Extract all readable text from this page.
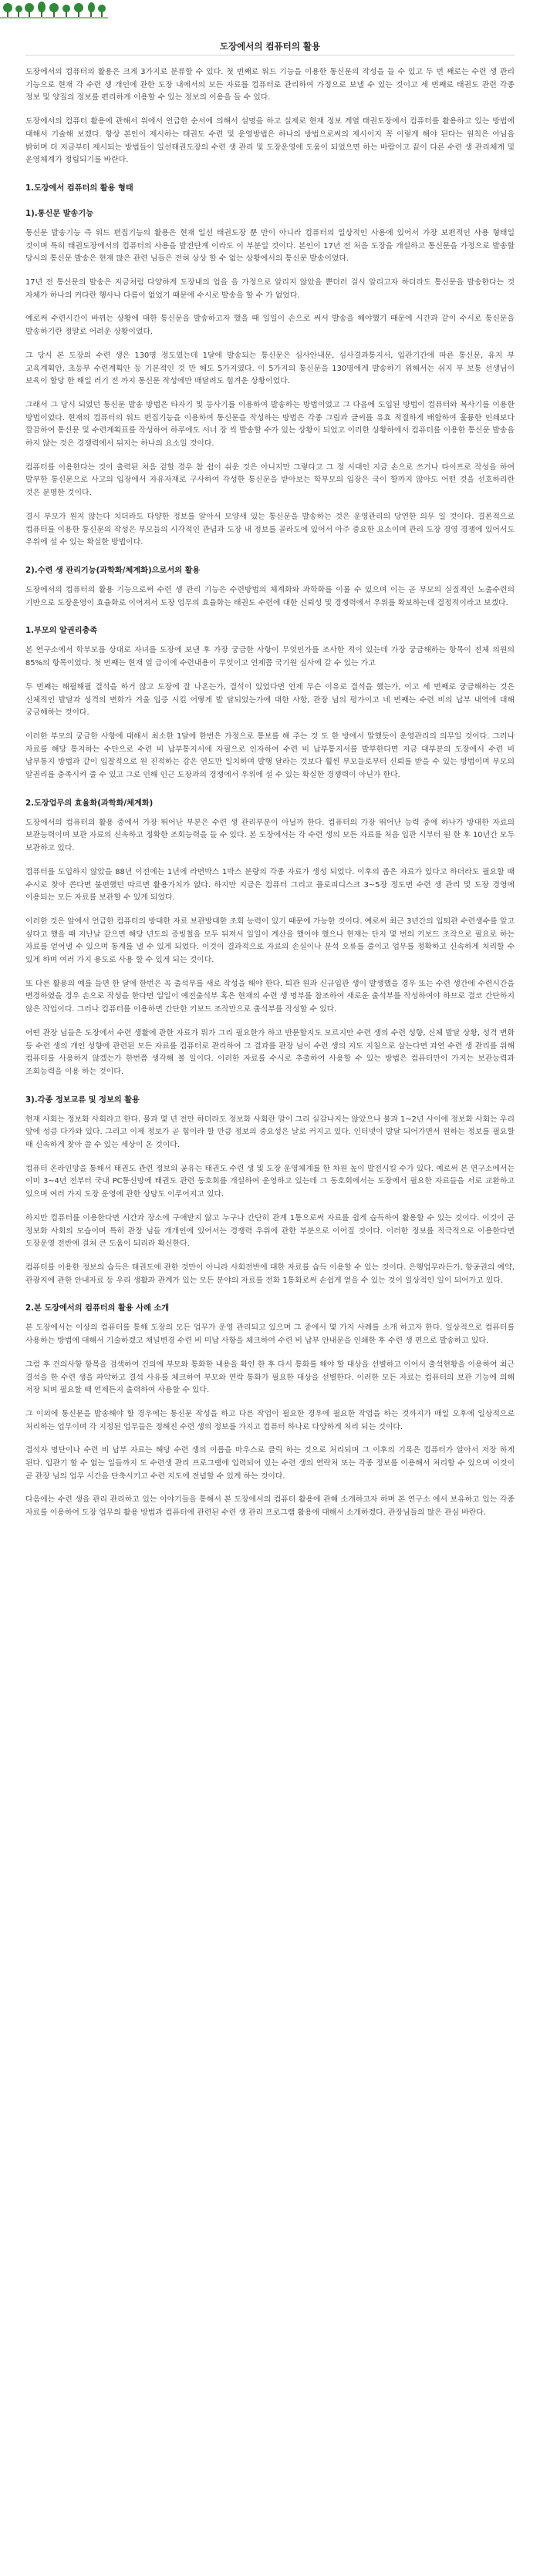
도장에서의 컴퓨터의 활용
도장에서의 컴퓨터의 활용은 크게 3가지로 분류할 수 있다. 첫 번째로 워드 기능을 이용한 통신문의 작성을 들 수 있고 두 번 째로는 수련 생 관리 기능으로 현재 각 수련 생 개인에 관한 도장 내에서의 모든 자료를 컴퓨터로 관리하여 가정으로 보낼 수 있는 것이고 세 번째로 태권도 관련 각종 정보 및 양질의 정보를 편리하게 이용할 수 있는 정보의 이용을 들 수 있다.
도장에서의 컴퓨터 활용에 관해서 위에서 언급한 순서에 의해서 설명을 하고 실제로 현재 정보 게열 태권도장에서 컴퓨터를 활용하고 있는 방법에 대해서 기술해 보겠다. 항상 본인이 제시하는 태권도 수련 및 운영방법은 하나의 방법으로써의 제시이지 꼭 이렇게 해야 된다는 원칙은 아님을 밝히며 더 지금부터 제시되는 방법들이 일선태권도장의 수련 생 관리 및 도장운영에 도움이 되었으면 하는 바람이고 끝이 다른 수련 생 관리체계 및 운영체계가 정립되기를 바란다.
1.도장에서 컴퓨터의 활용 형태
1).통신문 발송기능
통신문 발송기능 즉 워드 편집기능의 활용은 현재 일선 태권도장 뿐 만이 아니라 컴퓨터의 일상적인 사용에 있어서 가장 보편적인 사용 형태일 것이며 특히 태권도장에서의 컴퓨터의 사용을 발전단계 이라도 이 부분일 것이다. 본인이 17년 전 처음 도장을 개설하고 통신문을 가정으로 발송할 당시의 통신문 발송은 현재 많은 관련 님들은 전혀 상상 할 수 없는 상황에서의 통신문 발송이었다.
17년 전 통신문의 발송은 지금처럼 다양하게 도장내의 업을 을 가정으로 알리지 않았을 뿐더러 걸시 알리고자 하더라도 통신문을 발송한다는 것 자체가 하나의 커다란 행사나 다름이 없었기 때문에 수시로 발송을 할 수 가 없었다.
예로써 수련시간이 바뀌는 상황에 대한 통신문을 발송하고자 했을 때 일일이 손으로 써서 발송을 해야했기 때문에 시간과 같이 수시로 통신문을 발송하기란 정말로 어려운 상황이었다.
그 당시 본 도장의 수련 생은 130명 정도였는데 1달에 발송되는 통신문은 심사안내문, 심사결과통지서, 입관기간에 따른 통신문, 유지 부 교육계획안, 초등부 수련계획안 등 기본적인 것 만 해도 5가지였다. 이 5가지의 통신문을 130명에게 발송하기 위해서는 쉬지 부 보통 선생님이 보육이 할당 한 해일 러기 전 까지 통신문 작성에만 매달려도 힘겨운 상황이었다.
그래서 그 당시 되었던 통신문 발송 방법은 타자기 및 등사기를 이용하여 발송하는 방법이었고 그 다음에 도입된 방법이 컴퓨터와 복사기를 이용한 방법이었다. 현재의 컴퓨터의 워드 편집기능을 이용하여 통신문을 작성하는 방법은 각종 그림과 글씨를 유효 적절하게 배합하여 훌륭한 인쇄보다 깔끔하여 통신문 및 수련계획표를 작성하여 하루에도 서너 장 씩 발송할 수가 있는 상황이 되었고 이러한 상황하에서 컴퓨터를 이용한 통신문 발송을 하지 않는 것은 경쟁력에서 뒤지는 하나의 요소일 것이다.
컴퓨터를 이용한다는 것이 출력된 처음 겉할 경우 참 쉽이 쉬운 것은 아니지만 그렇다고 그 정 시대인 지금 손으로 쓰거나 타이프로 작성을 하여 발부한 통신문으로 사고의 입장에서 자유자재로 구사하여 각성한 통신문을 받아보는 학부모의 입장은 국이 할까지 않아도 어떤 것을 선호하리란 것은 분명한 것이다.
결시 부모가 원지 않는다 치더라도 다양한 정보를 알아서 모양새 있는 통신문을 발송하는 것은 운영관리의 당연한 의무 일 것이다. 결론적으로 컴퓨터를 이용한 통신문의 작성은 부모들의 시각적인 관념과 도장 내 정보를 골라도에 있어서 아주 중요한 요소이며 관리 도장 경영 경쟁에 있어서도 우위에 설 수 있는 확실한 방법이다.
2).수련 생 관리기능(과학화/체계화)으로서의 활용
도장에서의 컴퓨터의 활용 기능으로써 수련 생 관리 기능은 수련방법의 체계화와 과학화를 이룰 수 있으며 이는 곧 부모의 실질적인 노출수련의 기반으로 도장운영이 효율화로 이어져서 도장 업무의 효율화는 태권도 수련에 대한 신뢰성 및 경쟁력에서 우위를 확보하는데 결정적이라고 보겠다.
1.부모의 알권리충족
본 연구소에서 학부모를 상대로 자녀를 도장에 보낸 후 가장 궁금한 사항이 무엇인가를 조사한 적이 있는데 가장 궁금해하는 항목이 전체 의원의 85%의 항목이었다. 첫 번째는 현재 얼 급이에 수련내용이 무엇이고 언제쯤 국기원 심사에 갈 수 있는 가고
두 번째는 해필해필 결석을 하거 않고 도장에 잘 나온는가, 결석이 있었다면 언제 무슨 이유로 결석을 했는가, 이고 세 번째로 궁금해하는 것은 신체적인 발달과 성격의 변화가 겨울 입증 시킬 어떻게 발 달되었는가에 대한 사항, 관장 님의 평가이고 네 번째는 수련 비의 납부 내역에 대해 궁금해하는 것이다.
이러한 부모의 궁금한 사항에 대해서 최소한 1달에 한번은 가정으로 통보를 해 주는 것 도 한 방에서 말했듯이 운영관리의 의무일 것이다. 그러나 자료를 해당 통지하는 수단으로 수련 비 납부통지서에 자필으로 인자하여 수련 비 납부통지서를 발부한다면 지금 대부분의 도장에서 수련 비 납부통지 방법과 같이 입찰적으로 원 진적하는 감은 연도만 일치하며 발행 달라는 것보다 훨씬 부모들로부터 신뢰를 받을 수 있는 방법이며 부모의 알권리를 충족시켜 줄 수 있고 그로 인해 인근 도장과의 경쟁에서 우위에 설 수 있는 확실한 경쟁력이 아닌가 한다.
2.도장업무의 효율화(과학화/체계화)
도장에서의 컴퓨터의 활용 중에서 가장 뛰어난 부분은 수련 생 관리부분이 아닐까 한다. 컴퓨터의 가장 뛰어난 능력 중에 하나가 방대한 자료의 보관능력이며 보관 자료의 신속하고 정확한 조회능력을 들 수 있다. 본 도장에서는 각 수련 생의 모든 자료를 처음 입관 시부터 원 한 후 10년간 모두 보관하고 있다.
컴퓨터를 도입하지 않았을 88년 이전에는 1년에 라면박스 1박스 분량의 각종 자료가 생성 되었다. 이후의 좁은 자료가 있다고 하더라도 필요할 때 수시로 찾아 쓴다면 불편했던 따르면 활용가치가 없다. 하지만 지금은 컴퓨터 그리고 플로피디스크 3~5장 정도면 수련 생 관리 및 도장 경영에 이용되는 모든 자료를 보관할 수 있게 되었다.
이러한 것은 앞에서 언급한 컴퓨터의 방대한 자료 보관방대한 조회 능력이 있기 때문에 가능한 것이다. 예로써 최근 3년간의 입퇴관 수련생수를 알고 싶다고 했을 때 지난날 같으면 해당 년도의 증빙철을 모두 뒤져서 일일이 계산을 했어야 했으나 현재는 단지 몇 번의 키보드 조작으로 필요로 하는 자료를 얻어낼 수 있으며 통계를 낼 수 있게 되었다. 이것이 결과적으로 자료의 손실이나 분석 오류를 줄이고 업무를 정확하고 신속하게 처리할 수 있게 하며 여러 가지 용도로 사용 할 수 있게 되는 것이다.
또 다른 활용의 예를 들면 한 달에 한번은 꼭 출석부를 새로 작성을 해야 한다. 퇴관 원과 신규입관 생이 발생했을 경우 또는 수련 생간에 수련시간을 변경하였을 경우 손으로 작성을 한다면 일일이 예전출석부 혹은 현재의 수련 생 명부를 참조하여 새로운 출석부를 작성하여야 하므로 결코 간단하지 않은 작업이다. 그러나 컴퓨터를 이용하면 간단한 키보드 조작만으로 출석부를 작성할 수 있다.
어떤 관장 님들은 도장에서 수련 생활에 관한 자료가 뭐가 그리 필요한가 하고 반문할지도 모르지만 수련 생의 수련 성향, 신체 발달 상황, 성격 변화 등 수련 생의 개인 성향에 관련된 모든 자료를 컴퓨터로 관리하여 그 결과를 관장 님이 수련 생의 지도 지침으로 삼는다면 과연 수련 생 관리를 위해 컴퓨터를 사용하지 않겠는가 한번쯤 생각해 볼 일이다. 이러한 자료를 수시로 추출하여 사용할 수 있는 방법은 컴퓨터만이 가지는 보관능력과 조회능력을 이용 하는 것이다.
3).각종 정보교류 및 정보의 활용
현재 사회는 정보화 사회라고 한다. 물과 몇 년 전만 하더라도 정보화 사회란 말이 그리 실감나지는 않았으나 불과 1~2년 사이에 정보화 사회는 우리 앞에 성큼 다가와 있다. 그리고 이제 정보가 곧 힘이라 할 만큼 정보의 중요성은 날로 커지고 있다. 인터넷이 발달 되어가면서 원하는 정보를 필요할 때 신속하게 찾아 쓸 수 있는 세상이 온 것이다.
컴퓨터 온라인망을 통해서 태권도 관련 정보의 공유는 태권도 수련 생 및 도장 운영체계를 한 차원 높이 발전시킬 수가 있다. 예로써 본 연구소에서는 이미 3~4년 전부터 국내 PC통신망에 태권도 관련 동호회를 개설하여 운영하고 있는데 그 동호회에서는 도장에서 필요한 자료들을 서로 교환하고 있으며 여러 가지 도장 운영에 관한 상담도 이루어지고 있다.
하지만 컴퓨터를 이용한다면 시간과 장소에 구애받지 않고 누구나 간단히 관계 1통으로써 자료를 쉽게 습득하여 활용할 수 있는 것이다. 이것이 곧 정보화 사회의 모습이며 특히 관장 님들 개개인에 있어서는 경쟁력 우위에 관한 부분으로 이어질 것이다. 이러한 정보를 적극적으로 이용한다면 도장운영 전반에 걸쳐 큰 도움이 되리라 확신한다.
컴퓨터를 이용한 정보의 습득은 태권도에 관한 것만이 아니라 사회전반에 대한 자료를 습득 이용할 수 있는 것이다. 은행업무라든가, 항공권의 예약, 관광지에 관한 안내자료 등 우리 생활과 관계가 있는 모든 분야의 자료를 전화 1통화로써 손쉽게 얻을 수 있는 것이 일상적인 일이 되어가고 있다.
2.본 도장에서의 컴퓨터의 활용 사례 소개
본 도장에서는 이상의 컴퓨터를 통해 도장의 모든 업무가 운영 관리되고 있으며 그 중에서 몇 가지 사례를 소개 하고자 한다. 일상적으로 컴퓨터를 사용하는 방법에 대해서 기술하겠고 채널변경 수련 비 미납 사항을 체크하여 수련 비 납부 안내문을 인쇄한 후 수련 생 편으로 발송하고 있다.
그럼 후 건의사항 항목을 검색하여 건의에 부모와 통화한 내용을 확인 한 후 다시 통화를 해야 할 대상을 선별하고 이어서 출석현황을 이용하여 최근 결석을 한 수련 생을 파악하고 결석 사유를 체크하여 부모와 연락 통화가 필요한 대상을 선별한다. 이러한 모든 자료는 컴퓨터의 보관 기능에 의해 저장 되며 필요할 때 언제든지 출력하여 사용할 수 있다.
그 이외에 통신문을 발송해야 할 경우에는 통신문 작성을 하고 다른 작업이 필요한 경우에 필요한 작업을 하는 것까지가 매일 오후에 일상적으로 처리하는 업무이며 각 지정된 업무들은 정해진 수련 생의 정보를 가지고 컴퓨터 하나로 다양하게 처리 되는 것이다.
결석자 명단이나 수련 비 납부 자료는 해당 수련 생의 이름을 마우스로 클릭 하는 것으로 처리되며 그 이후의 기록은 컴퓨터가 알아서 저장 하게 된다. 입관기 할 수 없는 일들까지 도 수련생 관리 프로그램에 입력되어 있는 수련 생의 연락처 또는 각종 정보를 이용해서 처리할 수 있으며 이것이 곧 관장 님의 업무 시간을 단축시키고 수련 지도에 전념할 수 있게 하는 것이다.
다음에는 수련 생을 관리 관리하고 있는 이야기들을 통해서 본 도장에서의 컴퓨터 활용에 관해 소개하고자 하며 본 연구소 에서 보유하고 있는 각종 자료를 이용하여 도장 업무의 활용 방법과 컴퓨터에 관련된 수련 생 관리 프로그램 활용에 대해서 소개하겠다. 관장님들의 많은 관심 바란다.
